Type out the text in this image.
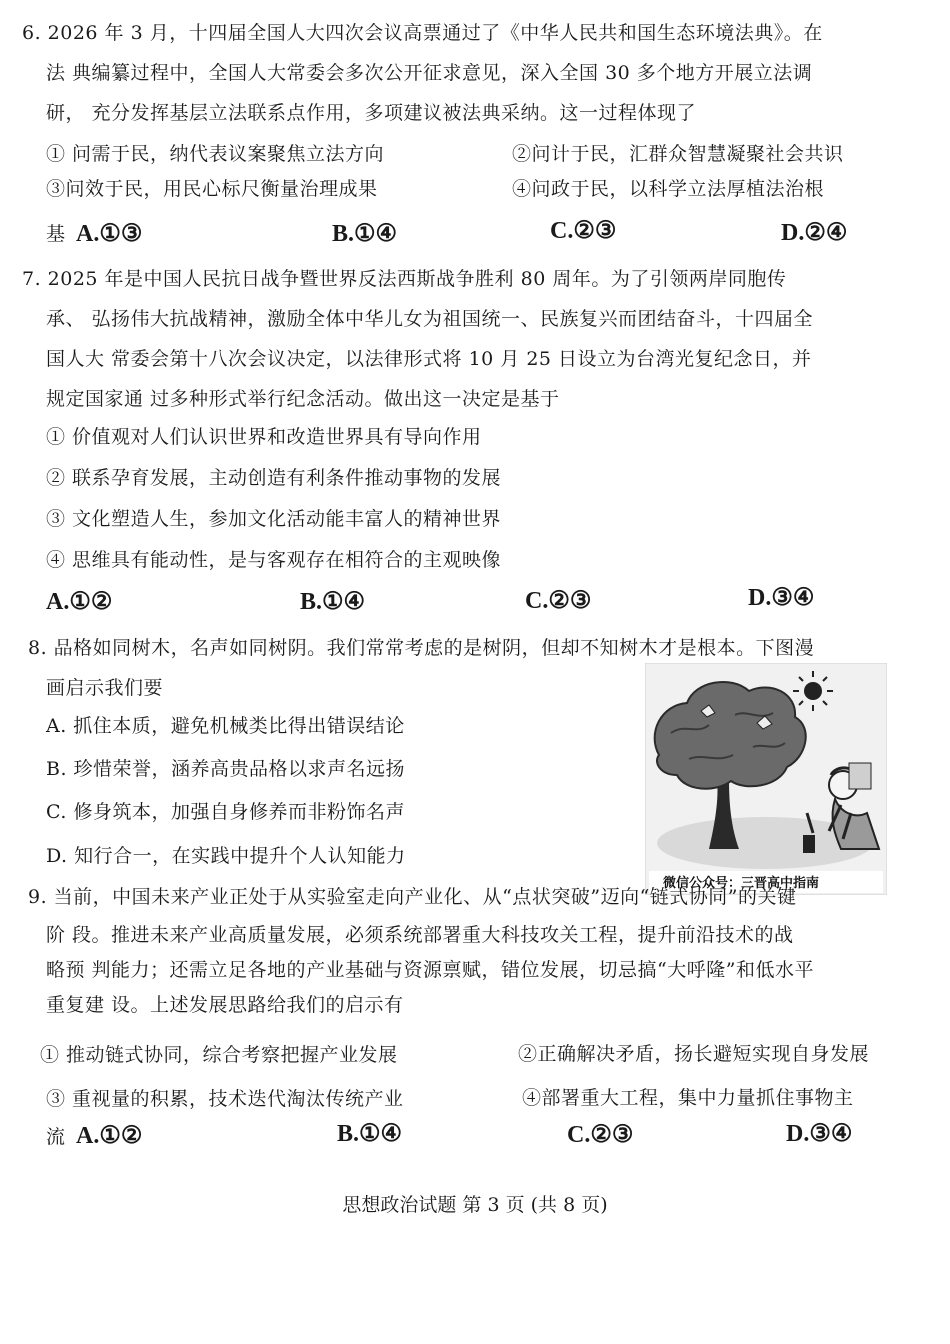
6. 2026 年 3 月，十四届全国人大四次会议高票通过了《中华人民共和国生态环境法典》。在
法 典编纂过程中，全国人大常委会多次公开征求意见，深入全国 30 多个地方开展立法调
研， 充分发挥基层立法联系点作用，多项建议被法典采纳。这一过程体现了
① 问需于民，纳代表议案聚焦立法方向	②问计于民，汇群众智慧凝聚社会共识
③问效于民，用民心标尺衡量治理成果	④问政于民，以科学立法厚植法治根
基 A.①③	B.①④	C.②③	D.②④
7. 2025 年是中国人民抗日战争暨世界反法西斯战争胜利 80 周年。为了引领两岸同胞传
承、 弘扬伟大抗战精神，激励全体中华儿女为祖国统一、民族复兴而团结奋斗，十四届全
国人大 常委会第十八次会议决定，以法律形式将 10 月 25 日设立为台湾光复纪念日，并
规定国家通 过多种形式举行纪念活动。做出这一决定是基于
① 价值观对人们认识世界和改造世界具有导向作用
② 联系孕育发展，主动创造有利条件推动事物的发展
③ 文化塑造人生，参加文化活动能丰富人的精神世界
④ 思维具有能动性，是与客观存在相符合的主观映像
A.①②	B.①④	C.②③	D.③④
8. 品格如同树木，名声如同树阴。我们常常考虑的是树阴，但却不知树木才是根本。下图漫
画启示我们要
A. 抓住本质，避免机械类比得出错误结论
B. 珍惜荣誉，涵养高贵品格以求声名远扬
C. 修身筑本，加强自身修养而非粉饰名声
D. 知行合一，在实践中提升个人认知能力
微信公众号：三晋高中指南
9. 当前，中国未来产业正处于从实验室走向产业化、从“点状突破”迈向“链式协同”的关键
阶 段。推进未来产业高质量发展，必须系统部署重大科技攻关工程，提升前沿技术的战
略预 判能力；还需立足各地的产业基础与资源禀赋，错位发展，切忌搞“大呼隆”和低水平
重复建 设。上述发展思路给我们的启示有
① 推动链式协同，综合考察把握产业发展	②正确解决矛盾，扬长避短实现自身发展
③ 重视量的积累，技术迭代淘汰传统产业	④部署重大工程，集中力量抓住事物主
流 A.①②	B.①④	C.②③	D.③④
思想政治试题 第 3 页 (共 8 页)
